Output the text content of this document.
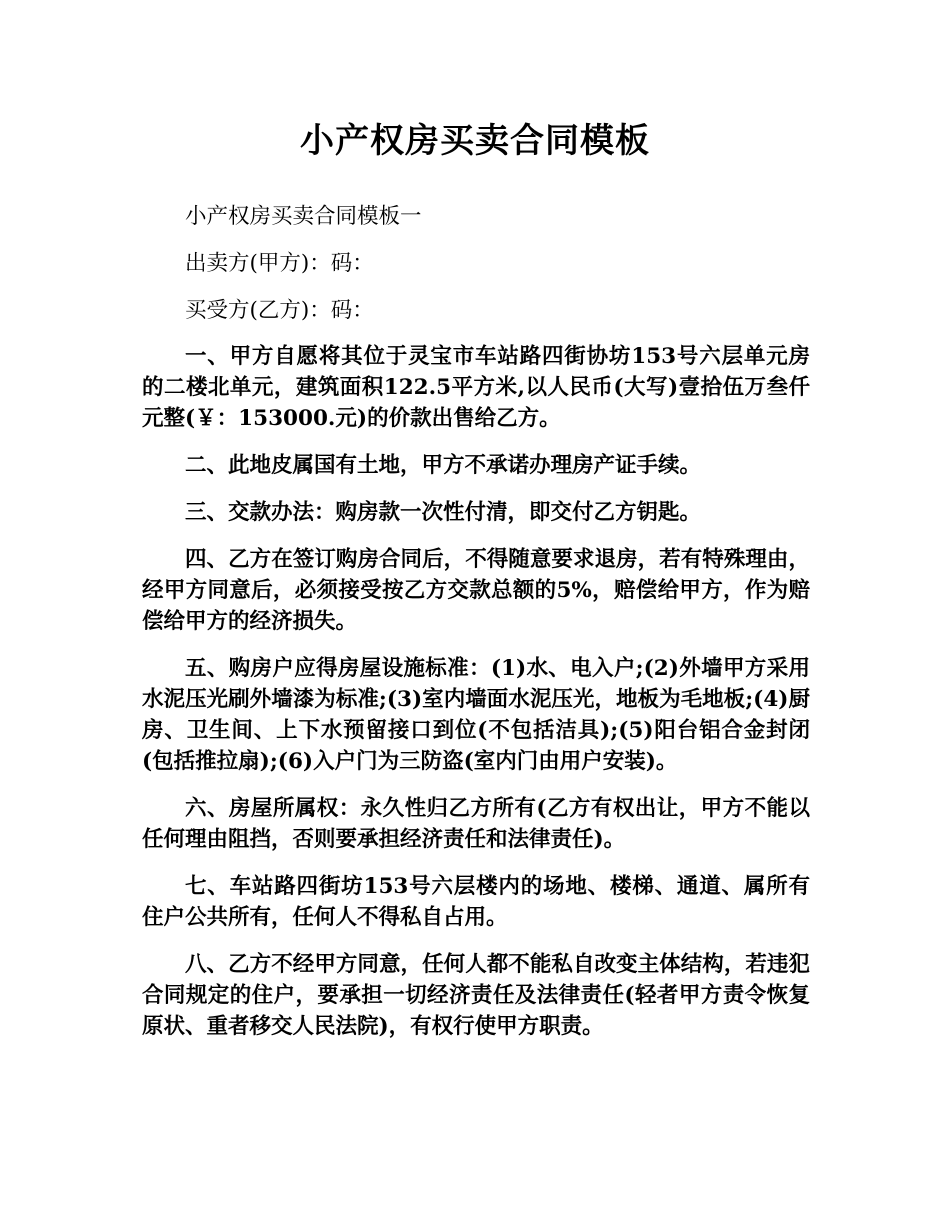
小产权房买卖合同模板

小产权房买卖合同模板一

出卖方(甲方)：码：

买受方(乙方)：码：

一、甲方自愿将其位于灵宝市车站路四街协坊153号六层单元房的二楼北单元，建筑面积122.5平方米,以人民币(大写)壹拾伍万叁仟元整(￥：153000.元)的价款出售给乙方。

二、此地皮属国有土地，甲方不承诺办理房产证手续。

三、交款办法：购房款一次性付清，即交付乙方钥匙。

四、乙方在签订购房合同后，不得随意要求退房，若有特殊理由，经甲方同意后，必须接受按乙方交款总额的5%，赔偿给甲方，作为赔偿给甲方的经济损失。

五、购房户应得房屋设施标准：(1)水、电入户;(2)外墙甲方采用水泥压光刷外墙漆为标准;(3)室内墙面水泥压光，地板为毛地板;(4)厨房、卫生间、上下水预留接口到位(不包括洁具);(5)阳台铝合金封闭(包括推拉扇);(6)入户门为三防盗(室内门由用户安装)。

六、房屋所属权：永久性归乙方所有(乙方有权出让，甲方不能以任何理由阻挡，否则要承担经济责任和法律责任)。

七、车站路四街坊153号六层楼内的场地、楼梯、通道、属所有住户公共所有，任何人不得私自占用。

八、乙方不经甲方同意，任何人都不能私自改变主体结构，若违犯合同规定的住户，要承担一切经济责任及法律责任(轻者甲方责令恢复原状、重者移交人民法院)，有权行使甲方职责。
